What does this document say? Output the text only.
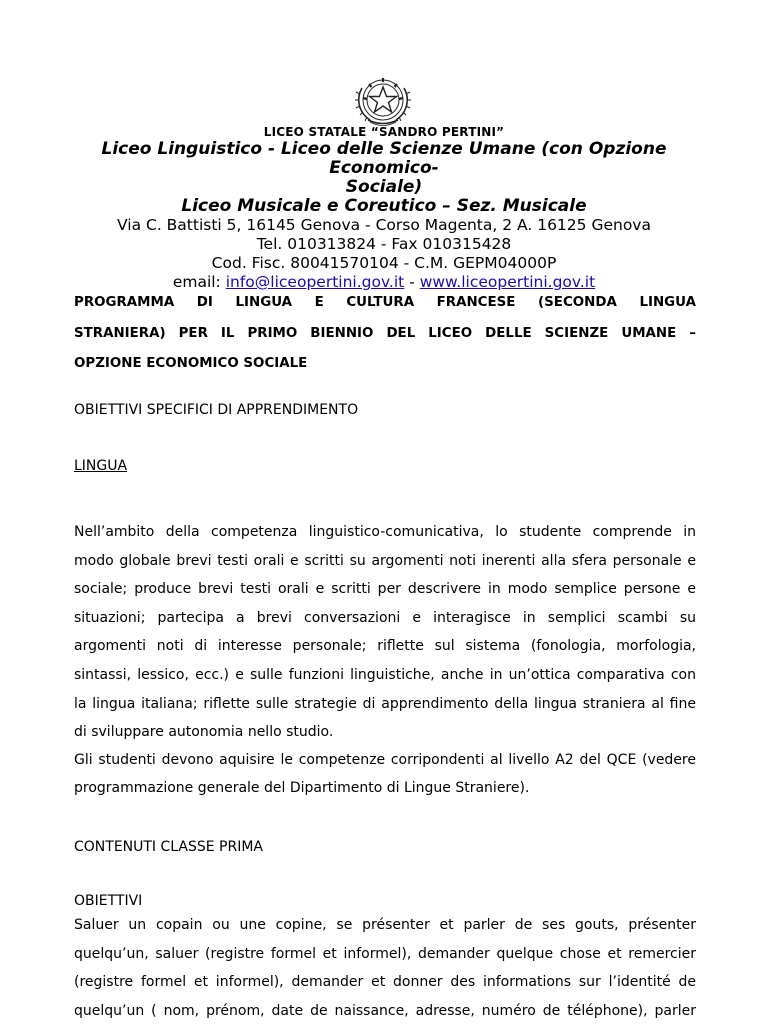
LICEO STATALE “SANDRO PERTINI”
Liceo Linguistico - Liceo delle Scienze Umane (con Opzione Economico-
Sociale)
Liceo Musicale e Coreutico – Sez. Musicale
Via C. Battisti 5, 16145 Genova - Corso Magenta, 2 A. 16125 Genova
Tel. 010313824 - Fax 010315428
Cod. Fisc. 80041570104 - C.M. GEPM04000P
email: info@liceopertini.gov.it - www.liceopertini.gov.it

PROGRAMMA DI LINGUA E CULTURA FRANCESE (SECONDA LINGUA

STRANIERA) PER IL PRIMO BIENNIO DEL LICEO DELLE SCIENZE UMANE –

OPZIONE ECONOMICO SOCIALE

OBIETTIVI SPECIFICI DI APPRENDIMENTO

LINGUA

Nell’ambito della competenza linguistico-comunicativa, lo studente comprende in
modo globale brevi testi orali e scritti su argomenti noti inerenti alla sfera personale e
sociale; produce brevi testi orali e scritti per descrivere in modo semplice persone e
situazioni; partecipa a brevi conversazioni e interagisce in semplici scambi su
argomenti noti di interesse personale; riflette sul sistema (fonologia, morfologia,
sintassi, lessico, ecc.) e sulle funzioni linguistiche, anche in un’ottica comparativa con
la lingua italiana; riflette sulle strategie di apprendimento della lingua straniera al fine
di sviluppare autonomia nello studio.
Gli studenti devono aquisire le competenze corripondenti al livello A2 del QCE (vedere
programmazione generale del Dipartimento di Lingue Straniere).

CONTENUTI CLASSE PRIMA

OBIETTIVI

Saluer un copain ou une copine, se présenter et parler de ses gouts, présenter
quelqu’un, saluer (registre formel et informel), demander quelque chose et remercier
(registre formel et informel), demander et donner des informations sur l’identité de
quelqu’un ( nom, prénom, date de naissance, adresse, numéro de téléphone), parler
